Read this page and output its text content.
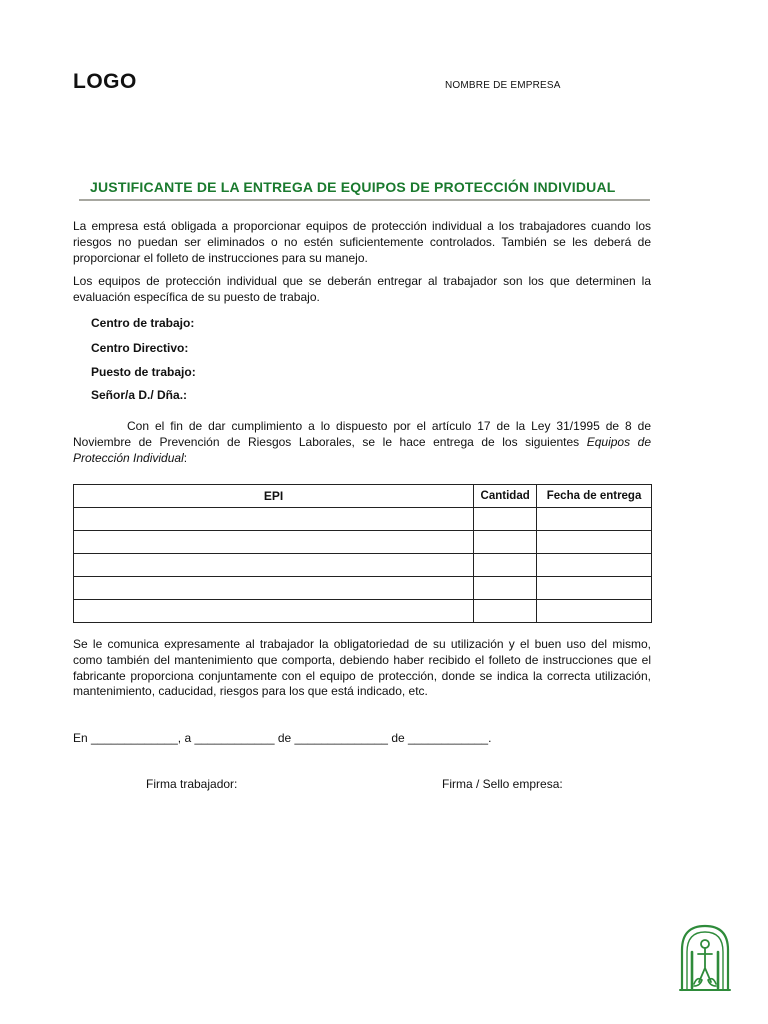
LOGO	NOMBRE DE EMPRESA
JUSTIFICANTE DE LA ENTREGA DE EQUIPOS DE PROTECCIÓN INDIVIDUAL
La empresa está obligada a proporcionar equipos de protección individual a los trabajadores cuando los riesgos no puedan ser eliminados o no estén suficientemente controlados. También se les deberá de proporcionar el folleto de instrucciones para su manejo.
Los equipos de protección individual que se deberán entregar al trabajador son los que determinen la evaluación específica de su puesto de trabajo.
Centro de trabajo:
Centro Directivo:
Puesto de trabajo:
Señor/a D./ Dña.:
Con el fin de dar cumplimiento a lo dispuesto por el artículo 17 de la Ley 31/1995 de 8 de Noviembre de Prevención de Riesgos Laborales, se le hace entrega de los siguientes Equipos de Protección Individual:
EPI	Cantidad	Fecha de entrega

Se le comunica expresamente al trabajador la obligatoriedad de su utilización y el buen uso del mismo, como también del mantenimiento que comporta, debiendo haber recibido el folleto de instrucciones que el fabricante proporciona conjuntamente con el equipo de protección, donde se indica la correcta utilización, mantenimiento, caducidad, riesgos para los que está indicado, etc.
En _____________, a ____________ de ______________ de ____________.
Firma trabajador:	Firma / Sello empresa:
